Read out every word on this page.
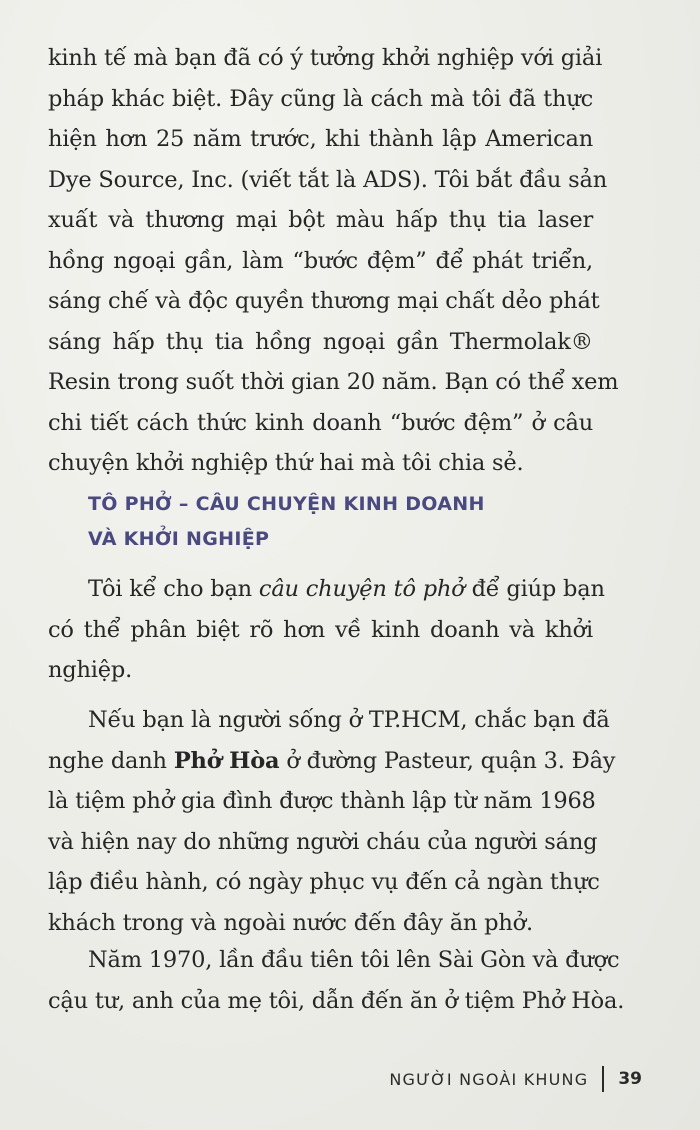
kinh tế mà bạn đã có ý tưởng khởi nghiệp với giải
pháp khác biệt. Đây cũng là cách mà tôi đã thực
hiện hơn 25 năm trước, khi thành lập American
Dye Source, Inc. (viết tắt là ADS). Tôi bắt đầu sản
xuất và thương mại bột màu hấp thụ tia laser
hồng ngoại gần, làm “bước đệm” để phát triển,
sáng chế và độc quyền thương mại chất dẻo phát
sáng hấp thụ tia hồng ngoại gần Thermolak®
Resin trong suốt thời gian 20 năm. Bạn có thể xem
chi tiết cách thức kinh doanh “bước đệm” ở câu
chuyện khởi nghiệp thứ hai mà tôi chia sẻ.
TÔ PHỞ – CÂU CHUYỆN KINH DOANH
VÀ KHỞI NGHIỆP
Tôi kể cho bạn câu chuyện tô phở để giúp bạn
có thể phân biệt rõ hơn về kinh doanh và khởi
nghiệp.
Nếu bạn là người sống ở TP.HCM, chắc bạn đã
nghe danh Phở Hòa ở đường Pasteur, quận 3. Đây
là tiệm phở gia đình được thành lập từ năm 1968
và hiện nay do những người cháu của người sáng
lập điều hành, có ngày phục vụ đến cả ngàn thực
khách trong và ngoài nước đến đây ăn phở.
Năm 1970, lần đầu tiên tôi lên Sài Gòn và được
cậu tư, anh của mẹ tôi, dẫn đến ăn ở tiệm Phở Hòa.
NGƯỜI NGOÀI KHUNG 39
